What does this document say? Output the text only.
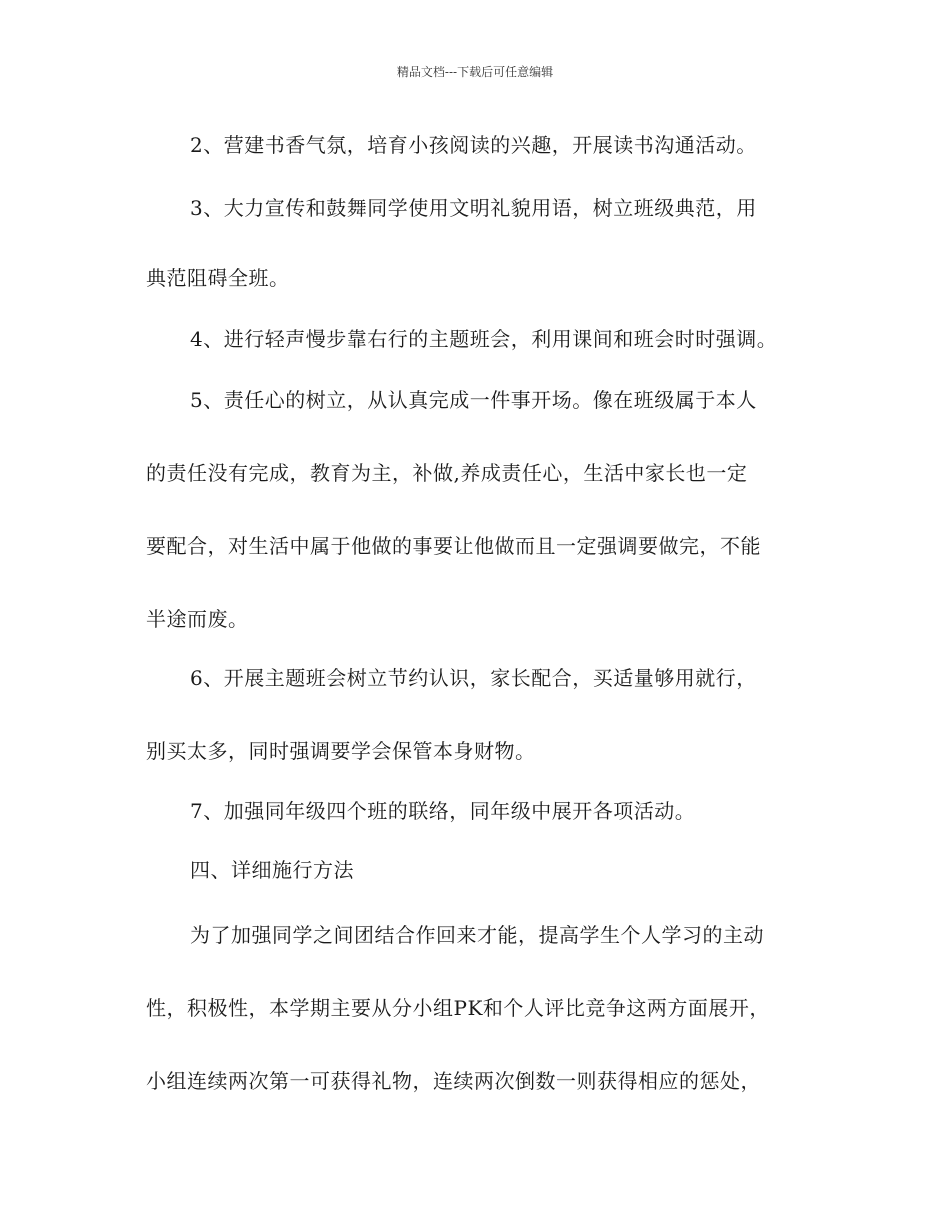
精品文档---下载后可任意编辑
2、营建书香气氛，培育小孩阅读的兴趣，开展读书沟通活动。
3、大力宣传和鼓舞同学使用文明礼貌用语，树立班级典范，用
典范阻碍全班。
4、进行轻声慢步靠右行的主题班会，利用课间和班会时时强调。
5、责任心的树立，从认真完成一件事开场。像在班级属于本人
的责任没有完成，教育为主，补做,养成责任心，生活中家长也一定
要配合，对生活中属于他做的事要让他做而且一定强调要做完，不能
半途而废。
6、开展主题班会树立节约认识，家长配合，买适量够用就行，
别买太多，同时强调要学会保管本身财物。
7、加强同年级四个班的联络，同年级中展开各项活动。
四、详细施行方法
为了加强同学之间团结合作回来才能，提高学生个人学习的主动
性，积极性，本学期主要从分小组PK和个人评比竞争这两方面展开，
小组连续两次第一可获得礼物，连续两次倒数一则获得相应的惩处，
